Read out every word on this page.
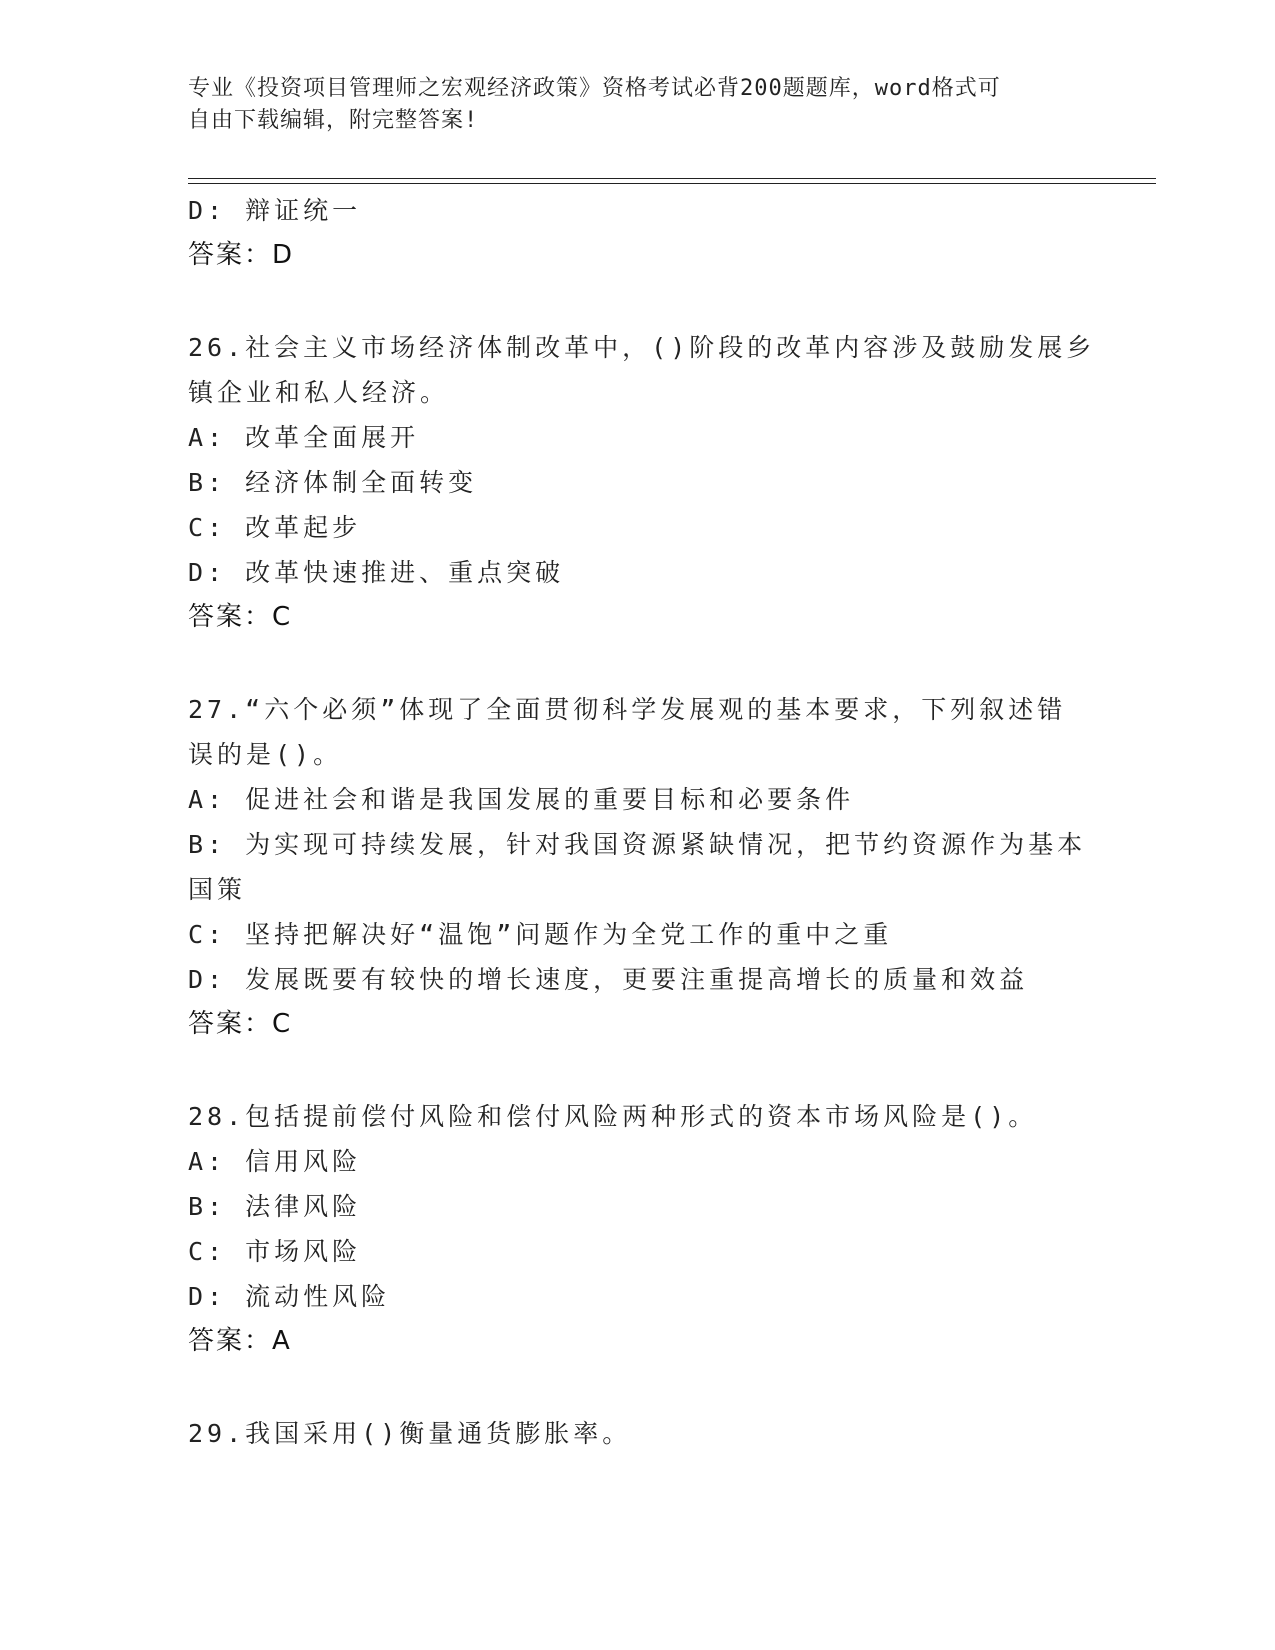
专业《投资项目管理师之宏观经济政策》资格考试必背200题题库，word格式可
自由下载编辑，附完整答案!
D: 辩证统一
答案：D
26.社会主义市场经济体制改革中，()阶段的改革内容涉及鼓励发展乡
镇企业和私人经济。
A: 改革全面展开
B: 经济体制全面转变
C: 改革起步
D: 改革快速推进、重点突破
答案：C
27.“六个必须”体现了全面贯彻科学发展观的基本要求，下列叙述错
误的是()。
A: 促进社会和谐是我国发展的重要目标和必要条件
B: 为实现可持续发展，针对我国资源紧缺情况，把节约资源作为基本
国策
C: 坚持把解决好“温饱”问题作为全党工作的重中之重
D: 发展既要有较快的增长速度，更要注重提高增长的质量和效益
答案：C
28.包括提前偿付风险和偿付风险两种形式的资本市场风险是()。
A: 信用风险
B: 法律风险
C: 市场风险
D: 流动性风险
答案：A
29.我国采用()衡量通货膨胀率。
